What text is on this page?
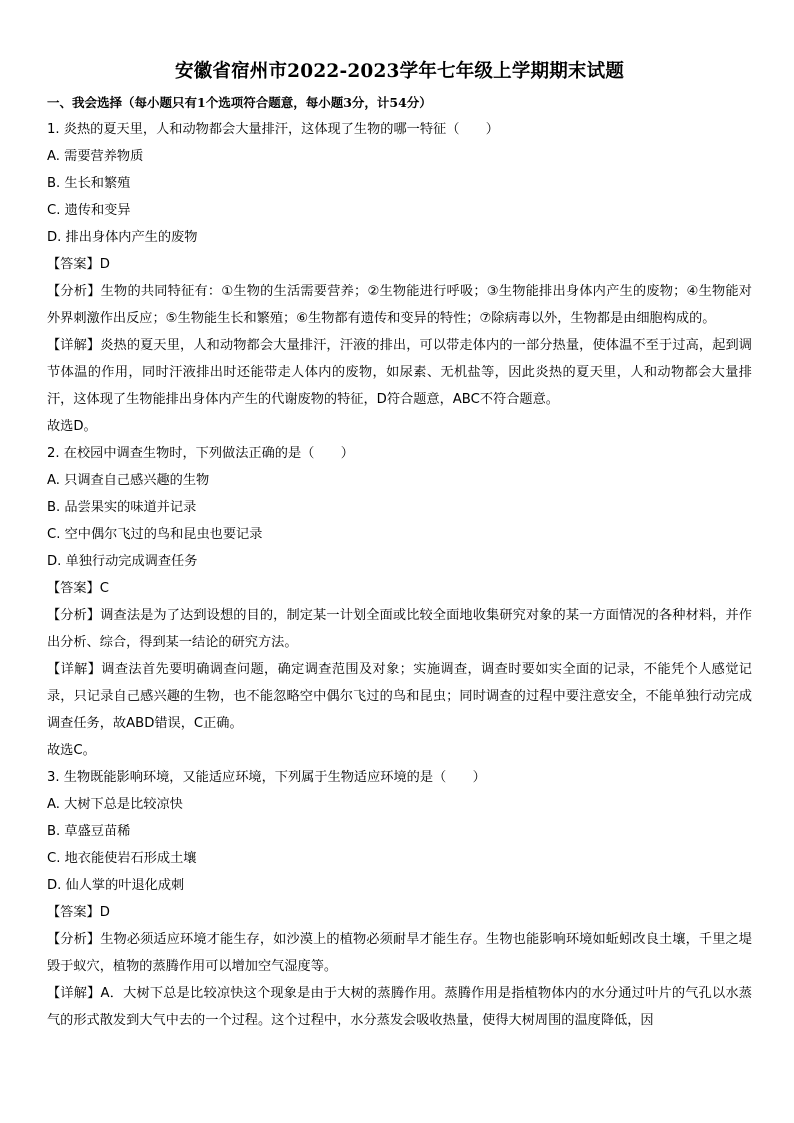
安徽省宿州市2022-2023学年七年级上学期期末试题
一、我会选择（每小题只有1个选项符合题意，每小题3分，计54分）
1. 炎热的夏天里，人和动物都会大量排汗，这体现了生物的哪一特征（　　）
A. 需要营养物质
B. 生长和繁殖
C. 遗传和变异
D. 排出身体内产生的废物
【答案】D
【分析】生物的共同特征有：①生物的生活需要营养；②生物能进行呼吸；③生物能排出身体内产生的废物；④生物能对外界刺激作出反应；⑤生物能生长和繁殖；⑥生物都有遗传和变异的特性；⑦除病毒以外，生物都是由细胞构成的。
【详解】炎热的夏天里，人和动物都会大量排汗，汗液的排出，可以带走体内的一部分热量，使体温不至于过高，起到调节体温的作用，同时汗液排出时还能带走人体内的废物，如尿素、无机盐等，因此炎热的夏天里，人和动物都会大量排汗，这体现了生物能排出身体内产生的代谢废物的特征，D符合题意，ABC不符合题意。
故选D。
2. 在校园中调查生物时，下列做法正确的是（　　）
A. 只调查自己感兴趣的生物
B. 品尝果实的味道并记录
C. 空中偶尔飞过的鸟和昆虫也要记录
D. 单独行动完成调查任务
【答案】C
【分析】调查法是为了达到设想的目的，制定某一计划全面或比较全面地收集研究对象的某一方面情况的各种材料，并作出分析、综合，得到某一结论的研究方法。
【详解】调查法首先要明确调查问题，确定调查范围及对象；实施调查，调查时要如实全面的记录，不能凭个人感觉记录，只记录自己感兴趣的生物，也不能忽略空中偶尔飞过的鸟和昆虫；同时调查的过程中要注意安全，不能单独行动完成调查任务，故ABD错误，C正确。
故选C。
3. 生物既能影响环境，又能适应环境，下列属于生物适应环境的是（　　）
A. 大树下总是比较凉快
B. 草盛豆苗稀
C. 地衣能使岩石形成土壤
D. 仙人掌的叶退化成刺
【答案】D
【分析】生物必须适应环境才能生存，如沙漠上的植物必须耐旱才能生存。生物也能影响环境如蚯蚓改良土壤，千里之堤毁于蚁穴，植物的蒸腾作用可以增加空气湿度等。
【详解】A．大树下总是比较凉快这个现象是由于大树的蒸腾作用。蒸腾作用是指植物体内的水分通过叶片的气孔以水蒸气的形式散发到大气中去的一个过程。这个过程中，水分蒸发会吸收热量，使得大树周围的温度降低，因
